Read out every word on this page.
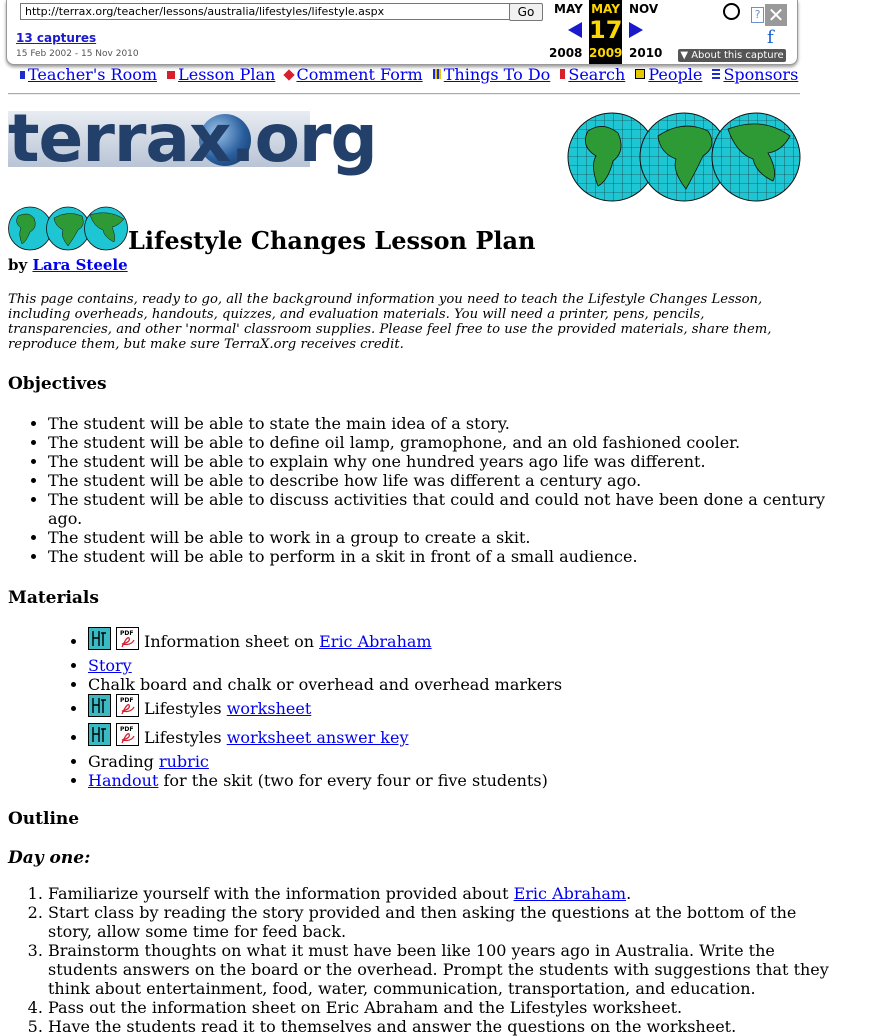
http://terrax.org/teacher/lessons/australia/lifestyles/lifestyle.aspx	Go
13 captures
15 Feb 2002 - 15 Nov 2010
MAY
2008
MAY
17
2009
NOV
2010
? ✕
f
▼ About this capture
Teacher's Room Lesson Plan Comment Form Things To Do Search People Sponsors
terrax.org
Lifestyle Changes Lesson Plan
by Lara Steele

This page contains, ready to go, all the background information you need to teach the Lifestyle Changes Lesson, including overheads, handouts, quizzes, and evaluation materials. You will need a printer, pens, pencils, transparencies, and other 'normal' classroom supplies. Please feel free to use the provided materials, share them, reproduce them, but make sure TerraX.org receives credit.

Objectives
• The student will be able to state the main idea of a story.
• The student will be able to define oil lamp, gramophone, and an old fashioned cooler.
• The student will be able to explain why one hundred years ago life was different.
• The student will be able to describe how life was different a century ago.
• The student will be able to discuss activities that could and could not have been done a century ago.
• The student will be able to work in a group to create a skit.
• The student will be able to perform in a skit in front of a small audience.
Materials
• PDF Information sheet on Eric Abraham
• Story
• Chalk board and chalk or overhead and overhead markers
• PDF Lifestyles worksheet
• PDF Lifestyles worksheet answer key
• Grading rubric
• Handout for the skit (two for every four or five students)
Outline
Day one:
1. Familiarize yourself with the information provided about Eric Abraham.
2. Start class by reading the story provided and then asking the questions at the bottom of the story, allow some time for feed back.
3. Brainstorm thoughts on what it must have been like 100 years ago in Australia. Write the students answers on the board or the overhead. Prompt the students with suggestions that they think about entertainment, food, water, communication, transportation, and education.
4. Pass out the information sheet on Eric Abraham and the Lifestyles worksheet.
5. Have the students read it to themselves and answer the questions on the worksheet.
